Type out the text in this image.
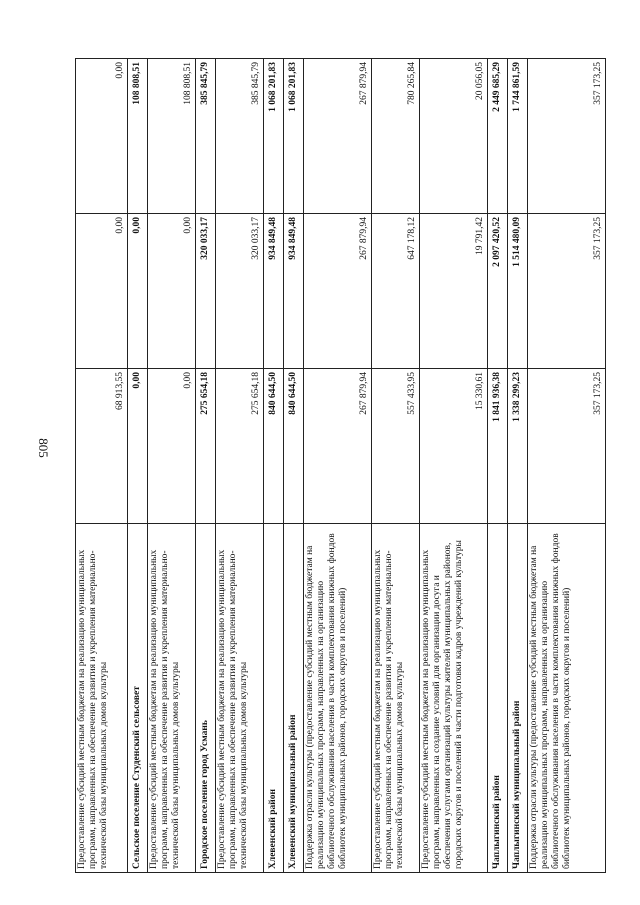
805
Предоставление субсидий местным бюджетам на реализацию муниципальных программ, направленных на обеспечение развития и укрепления материально-технической базы муниципальных домов культуры	68 913,55	0,00	0,00
Сельское поселение Студенский сельсовет	0,00	0,00	108 808,51
Предоставление субсидий местным бюджетам на реализацию муниципальных программ, направленных на обеспечение развития и укрепления материально-технической базы муниципальных домов культуры	0,00	0,00	108 808,51
Городское поселение город Усмань	275 654,18	320 033,17	385 845,79
Предоставление субсидий местным бюджетам на реализацию муниципальных программ, направленных на обеспечение развития и укрепления материально-технической базы муниципальных домов культуры	275 654,18	320 033,17	385 845,79
Хлевенский район	840 644,50	934 849,48	1 068 201,83
Хлевенский муниципальный район	840 644,50	934 849,48	1 068 201,83
Поддержка отрасли культуры (предоставление субсидий местным бюджетам на реализацию муниципальных программ, направленных на организацию библиотечного обслуживания населения в части комплектования книжных фондов библиотек муниципальных районов, городских округов и поселений)	267 879,94	267 879,94	267 879,94
Предоставление субсидий местным бюджетам на реализацию муниципальных программ, направленных на обеспечение развития и укрепления материально-технической базы муниципальных домов культуры	557 433,95	647 178,12	780 265,84
Предоставление субсидий местным бюджетам на реализацию муниципальных программ, направленных на создание условий для организации досуга и обеспечения услугами организаций культуры жителей муниципальных районов, городских округов и поселений в части подготовки кадров учреждений культуры	15 330,61	19 791,42	20 056,05
Чаплыгинский район	1 841 936,38	2 097 420,52	2 449 685,29
Чаплыгинский муниципальный район	1 338 299,23	1 514 480,09	1 744 861,59
Поддержка отрасли культуры (предоставление субсидий местным бюджетам на реализацию муниципальных программ, направленных на организацию библиотечного обслуживания населения в части комплектования книжных фондов библиотек муниципальных районов, городских округов и поселений)	357 173,25	357 173,25	357 173,25
